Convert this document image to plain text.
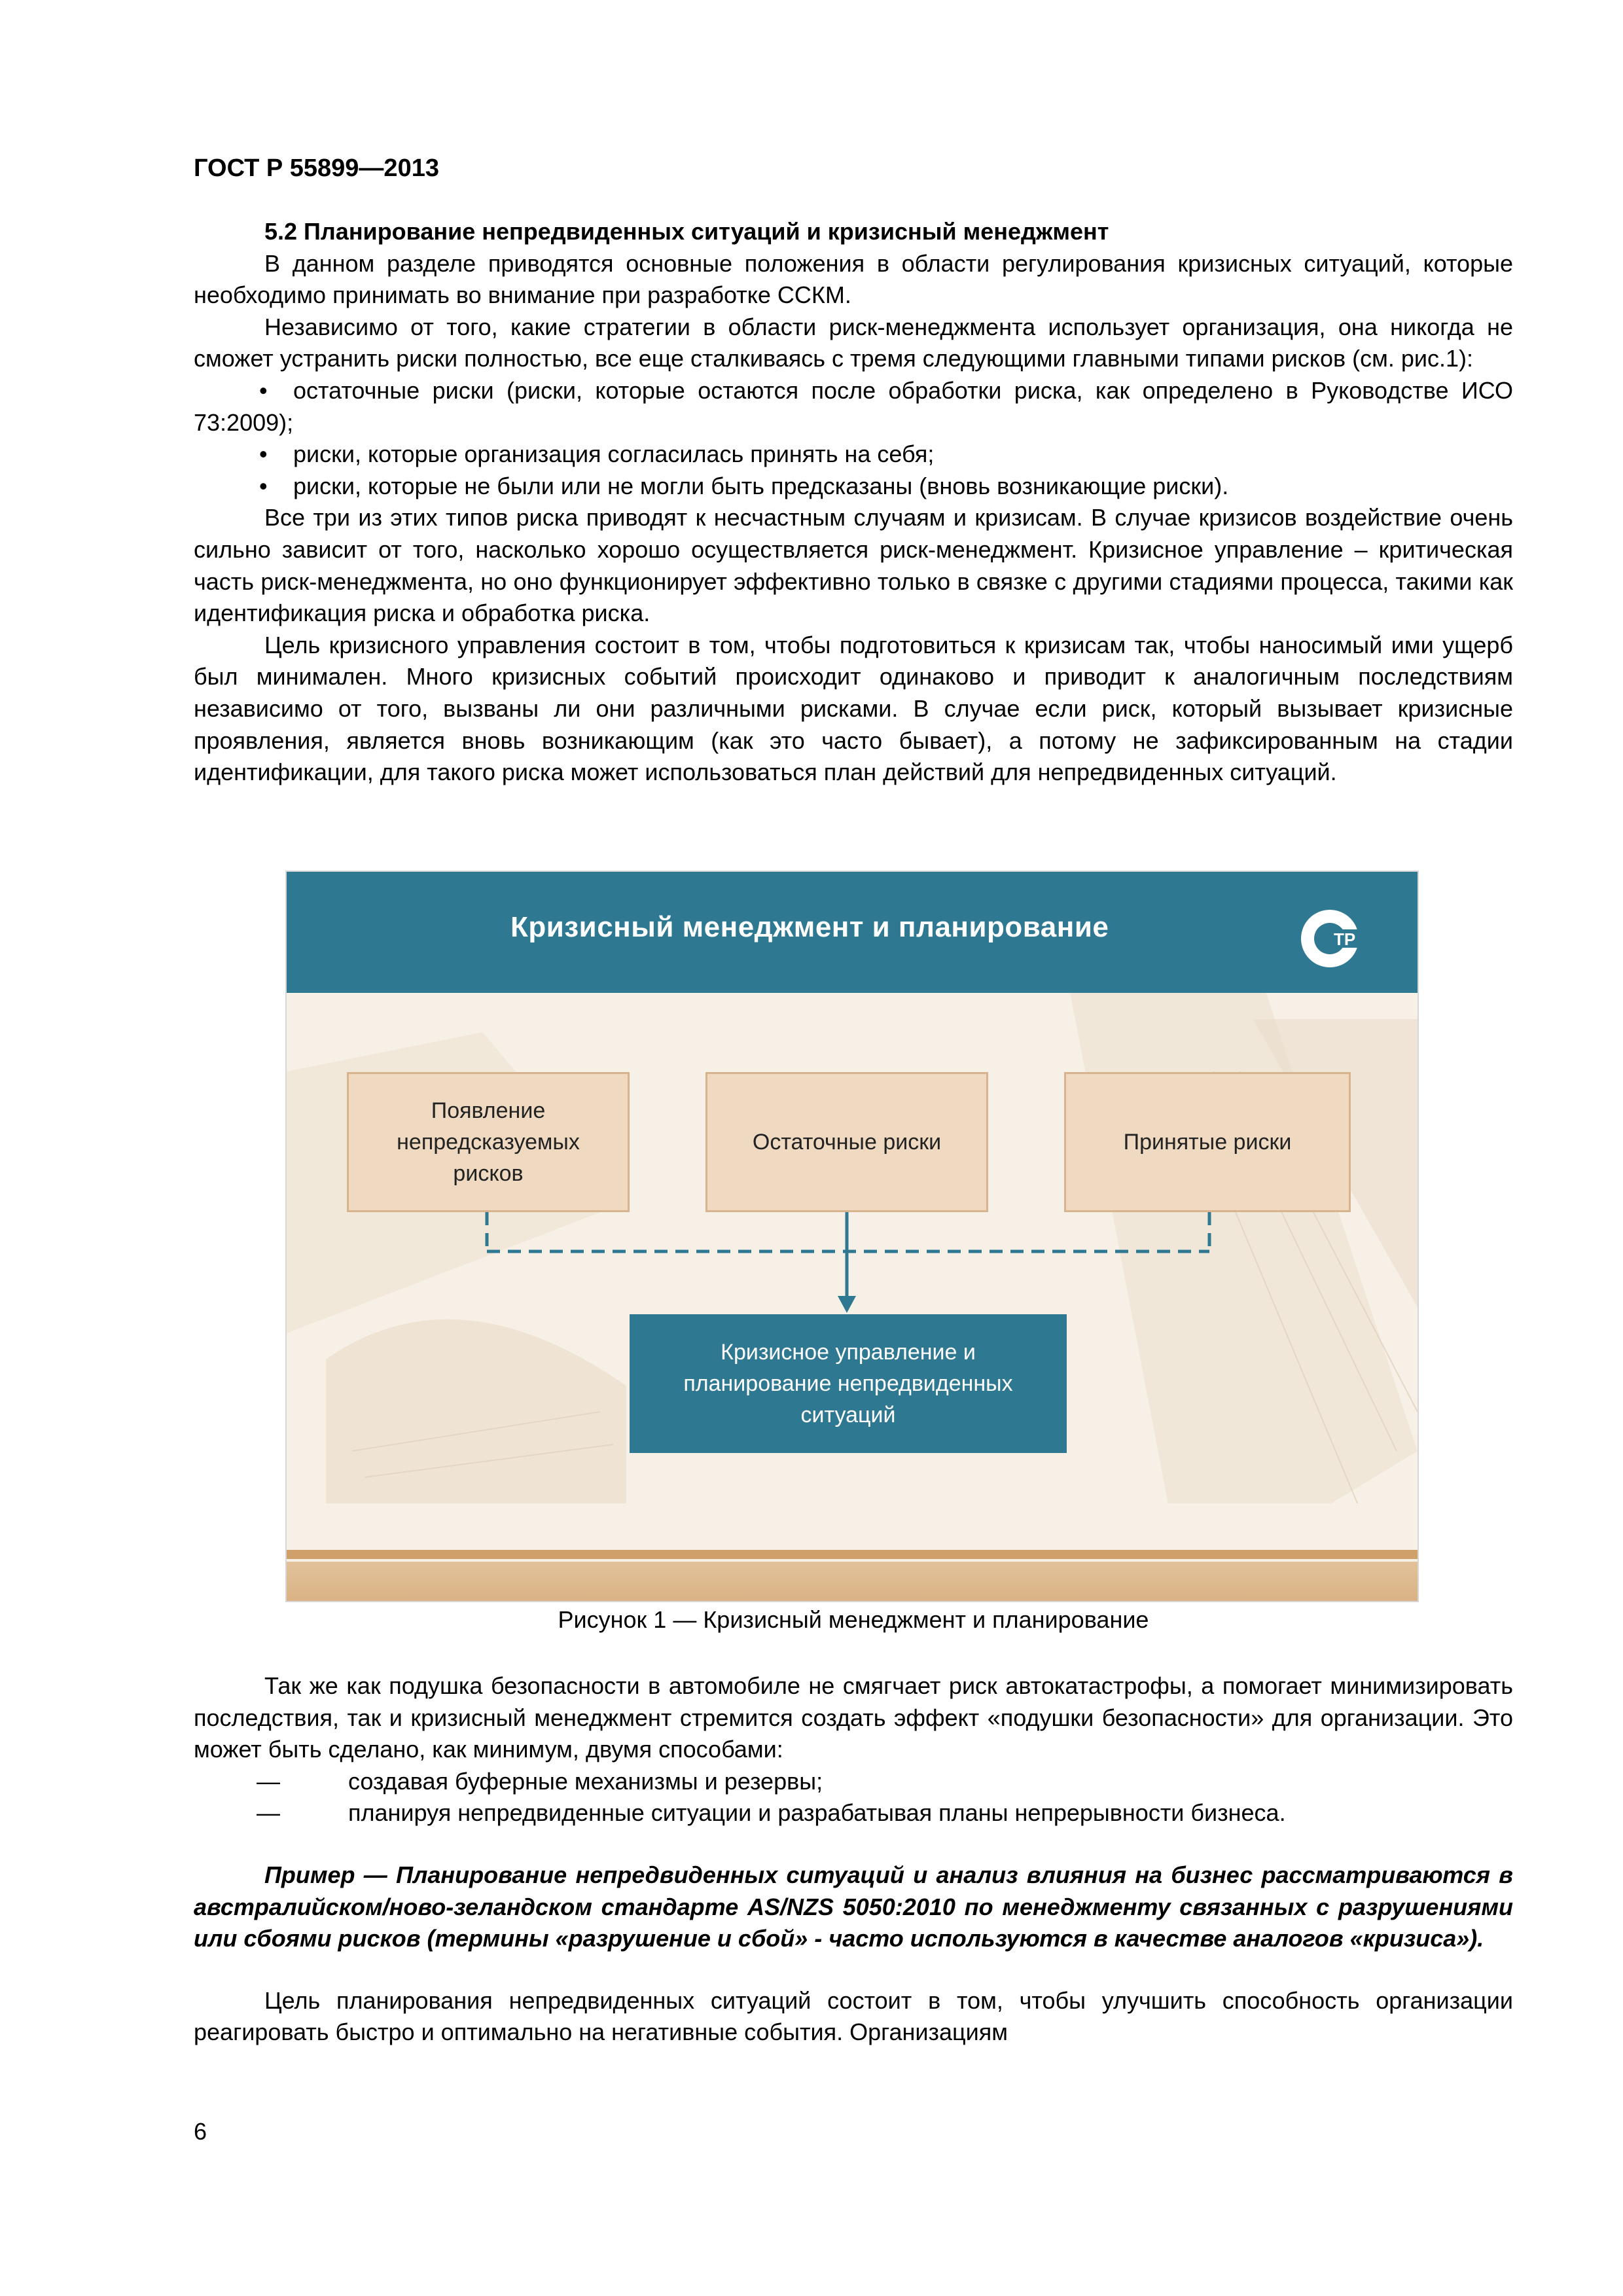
ГОСТ Р 55899—2013
5.2 Планирование непредвиденных ситуаций и кризисный менеджмент

В данном разделе приводятся основные положения в области регулирования кризисных ситуаций, которые необходимо принимать во внимание при разработке ССКМ.

Независимо от того, какие стратегии в области риск-менеджмента использует организация, она никогда не сможет устранить риски полностью, все еще сталкиваясь с тремя следующими главными типами рисков (см. рис.1):

• остаточные риски (риски, которые остаются после обработки риска, как определено в Руководстве ИСО 73:2009);

• риски, которые организация согласилась принять на себя;

• риски, которые не были или не могли быть предсказаны (вновь возникающие риски).

Все три из этих типов риска приводят к несчастным случаям и кризисам. В случае кризисов воздействие очень сильно зависит от того, насколько хорошо осуществляется риск-менеджмент. Кризисное управление – критическая часть риск-менеджмента, но оно функционирует эффективно только в связке с другими стадиями процесса, такими как идентификация риска и обработка риска.

Цель кризисного управления состоит в том, чтобы подготовиться к кризисам так, чтобы наносимый ими ущерб был минимален. Много кризисных событий происходит одинаково и приводит к аналогичным последствиям независимо от того, вызваны ли они различными рисками. В случае если риск, который вызывает кризисные проявления, является вновь возникающим (как это часто бывает), а потому не зафиксированным на стадии идентификации, для такого риска может использоваться план действий для непредвиденных ситуаций.

Кризисный менеджмент и планирование	ТР
Появление непредсказуемых рисков
Остаточные риски	Принятые риски
Кризисное управление и планирование непредвиденных ситуаций
Рисунок 1 — Кризисный менеджмент и планирование

Так же как подушка безопасности в автомобиле не смягчает риск автокатастрофы, а помогает минимизировать последствия, так и кризисный менеджмент стремится создать эффект «подушки безопасности» для организации. Это может быть сделано, как минимум, двумя способами:

—	создавая буферные механизмы и резервы;

—	планируя непредвиденные ситуации и разрабатывая планы непрерывности бизнеса.

Пример — Планирование непредвиденных ситуаций и анализ влияния на бизнес рассматриваются в австралийском/ново-зеландском стандарте AS/NZS 5050:2010 по менеджменту связанных с разрушениями или сбоями рисков (термины «разрушение и сбой» - часто используются в качестве аналогов «кризиса»).

Цель планирования непредвиденных ситуаций состоит в том, чтобы улучшить способность организации реагировать быстро и оптимально на негативные события. Организациям

6
